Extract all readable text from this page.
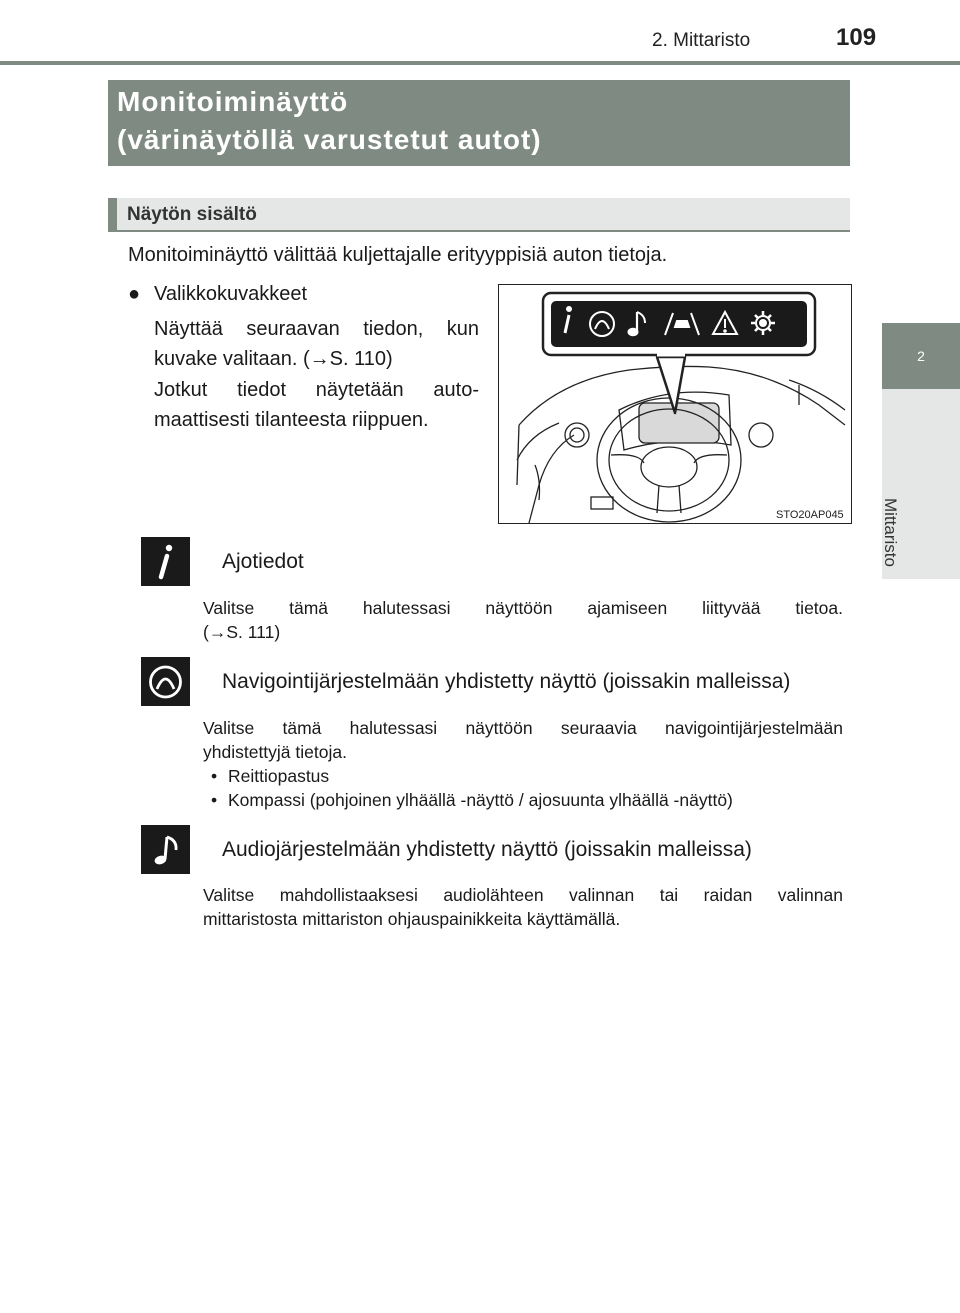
2. Mittaristo	109
2
Mittaristo
Monitoiminäyttö
(värinäytöllä varustetut autot)
Näytön sisältö
Monitoiminäyttö välittää kuljettajalle erityyppisiä auton tietoja.
● Valikkokuvakkeet
Näyttää seuraavan tiedon, kun
kuvake valitaan. (→S. 110)
Jotkut tiedot näytetään auto-
maattisesti tilanteesta riippuen.
STO20AP045
Ajotiedot
Valitse tämä halutessasi näyttöön ajamiseen liittyvää tietoa.
(→S. 111)
Navigointijärjestelmään yhdistetty näyttö (joissakin malleissa)
Valitse tämä halutessasi näyttöön seuraavia navigointijärjestelmään
yhdistettyjä tietoja.
• Reittiopastus
• Kompassi (pohjoinen ylhäällä -näyttö / ajosuunta ylhäällä -näyttö)
Audiojärjestelmään yhdistetty näyttö (joissakin malleissa)
Valitse mahdollistaaksesi audiolähteen valinnan tai raidan valinnan
mittaristosta mittariston ohjauspainikkeita käyttämällä.
